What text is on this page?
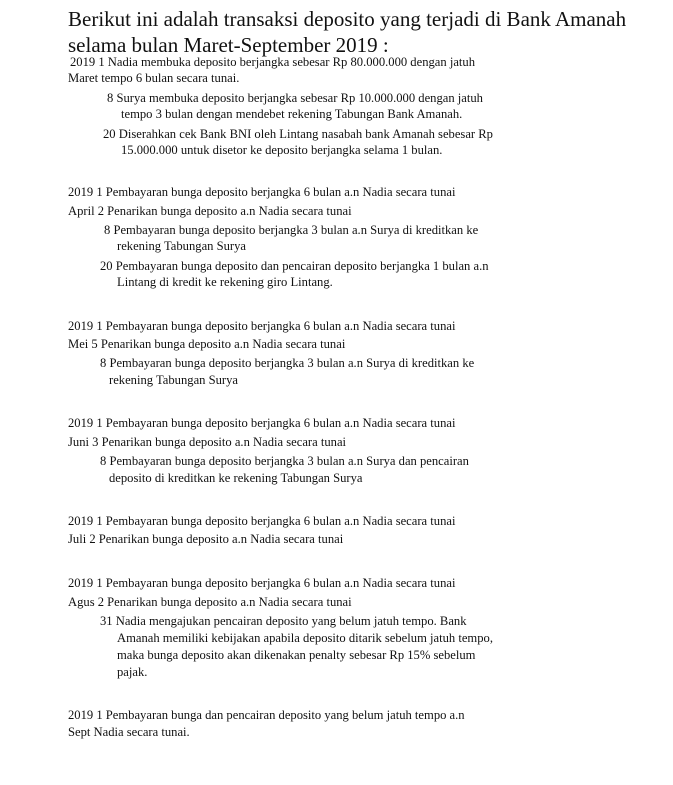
Berikut ini adalah transaksi deposito yang terjadi di Bank Amanah selama bulan Maret-September 2019 :
2019 1 Nadia membuka deposito berjangka sebesar Rp 80.000.000 dengan jatuh
Maret tempo 6 bulan secara tunai.
8 Surya membuka deposito berjangka sebesar Rp 10.000.000 dengan jatuh
tempo 3 bulan dengan mendebet rekening Tabungan Bank Amanah.
20 Diserahkan cek Bank BNI oleh Lintang nasabah bank Amanah sebesar Rp
15.000.000 untuk disetor ke deposito berjangka selama 1 bulan.
2019 1 Pembayaran bunga deposito berjangka 6 bulan a.n Nadia secara tunai
April 2 Penarikan bunga deposito a.n Nadia secara tunai
8 Pembayaran bunga deposito berjangka 3 bulan a.n Surya di kreditkan ke
rekening Tabungan Surya
20 Pembayaran bunga deposito dan pencairan deposito berjangka 1 bulan a.n
Lintang di kredit ke rekening giro Lintang.
2019 1 Pembayaran bunga deposito berjangka 6 bulan a.n Nadia secara tunai
Mei 5 Penarikan bunga deposito a.n Nadia secara tunai
8 Pembayaran bunga deposito berjangka 3 bulan a.n Surya di kreditkan ke
rekening Tabungan Surya
2019 1 Pembayaran bunga deposito berjangka 6 bulan a.n Nadia secara tunai
Juni 3 Penarikan bunga deposito a.n Nadia secara tunai
8 Pembayaran bunga deposito berjangka 3 bulan a.n Surya dan pencairan
deposito di kreditkan ke rekening Tabungan Surya
2019 1 Pembayaran bunga deposito berjangka 6 bulan a.n Nadia secara tunai
Juli 2 Penarikan bunga deposito a.n Nadia secara tunai
2019 1 Pembayaran bunga deposito berjangka 6 bulan a.n Nadia secara tunai
Agus 2 Penarikan bunga deposito a.n Nadia secara tunai
31 Nadia mengajukan pencairan deposito yang belum jatuh tempo. Bank
Amanah memiliki kebijakan apabila deposito ditarik sebelum jatuh tempo,
maka bunga deposito akan dikenakan penalty sebesar Rp 15% sebelum
pajak.
2019 1 Pembayaran bunga dan pencairan deposito yang belum jatuh tempo a.n
Sept Nadia secara tunai.
